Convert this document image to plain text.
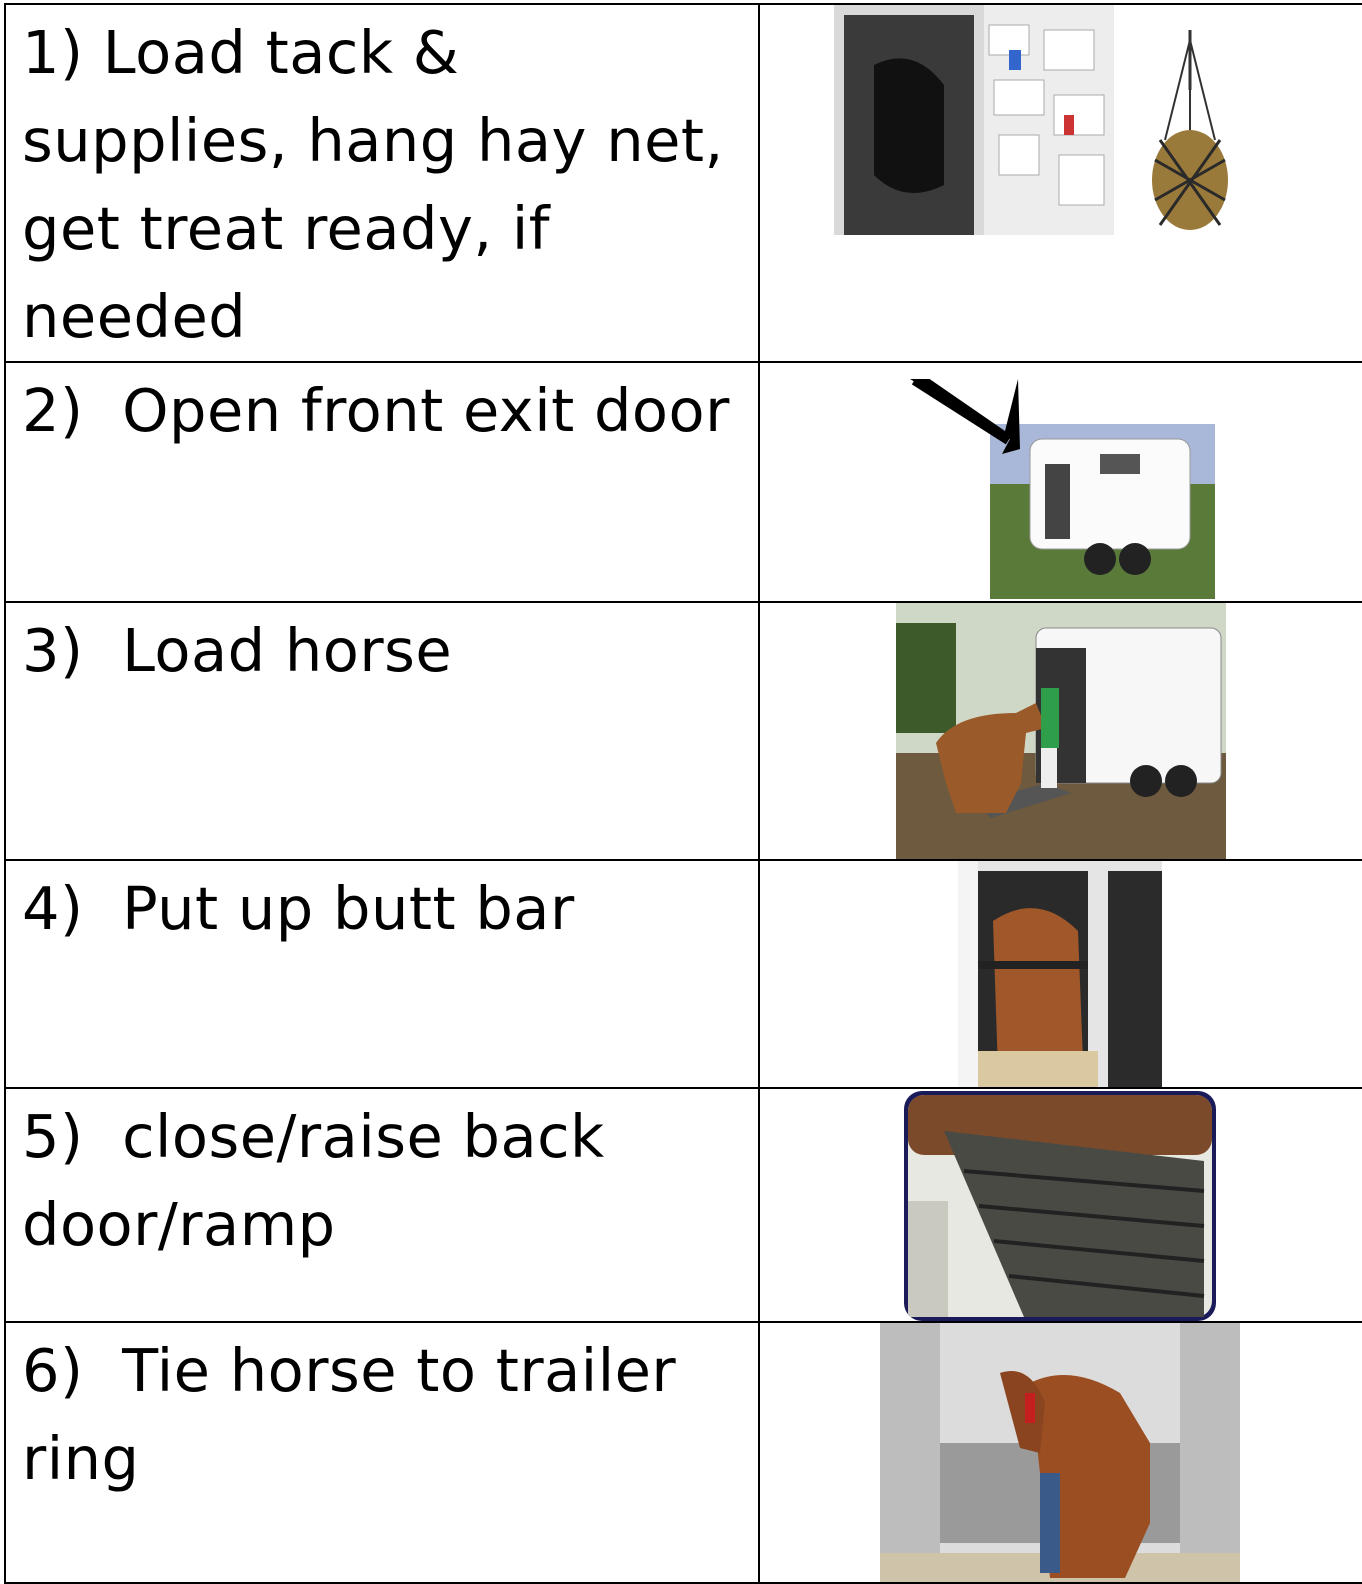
1) Load tack &  supplies, hang hay net, get treat ready, if needed

2)  Open front exit door

3)  Load horse

4)  Put up butt bar

5)  close/raise back door/ramp

6)  Tie horse to trailer ring
